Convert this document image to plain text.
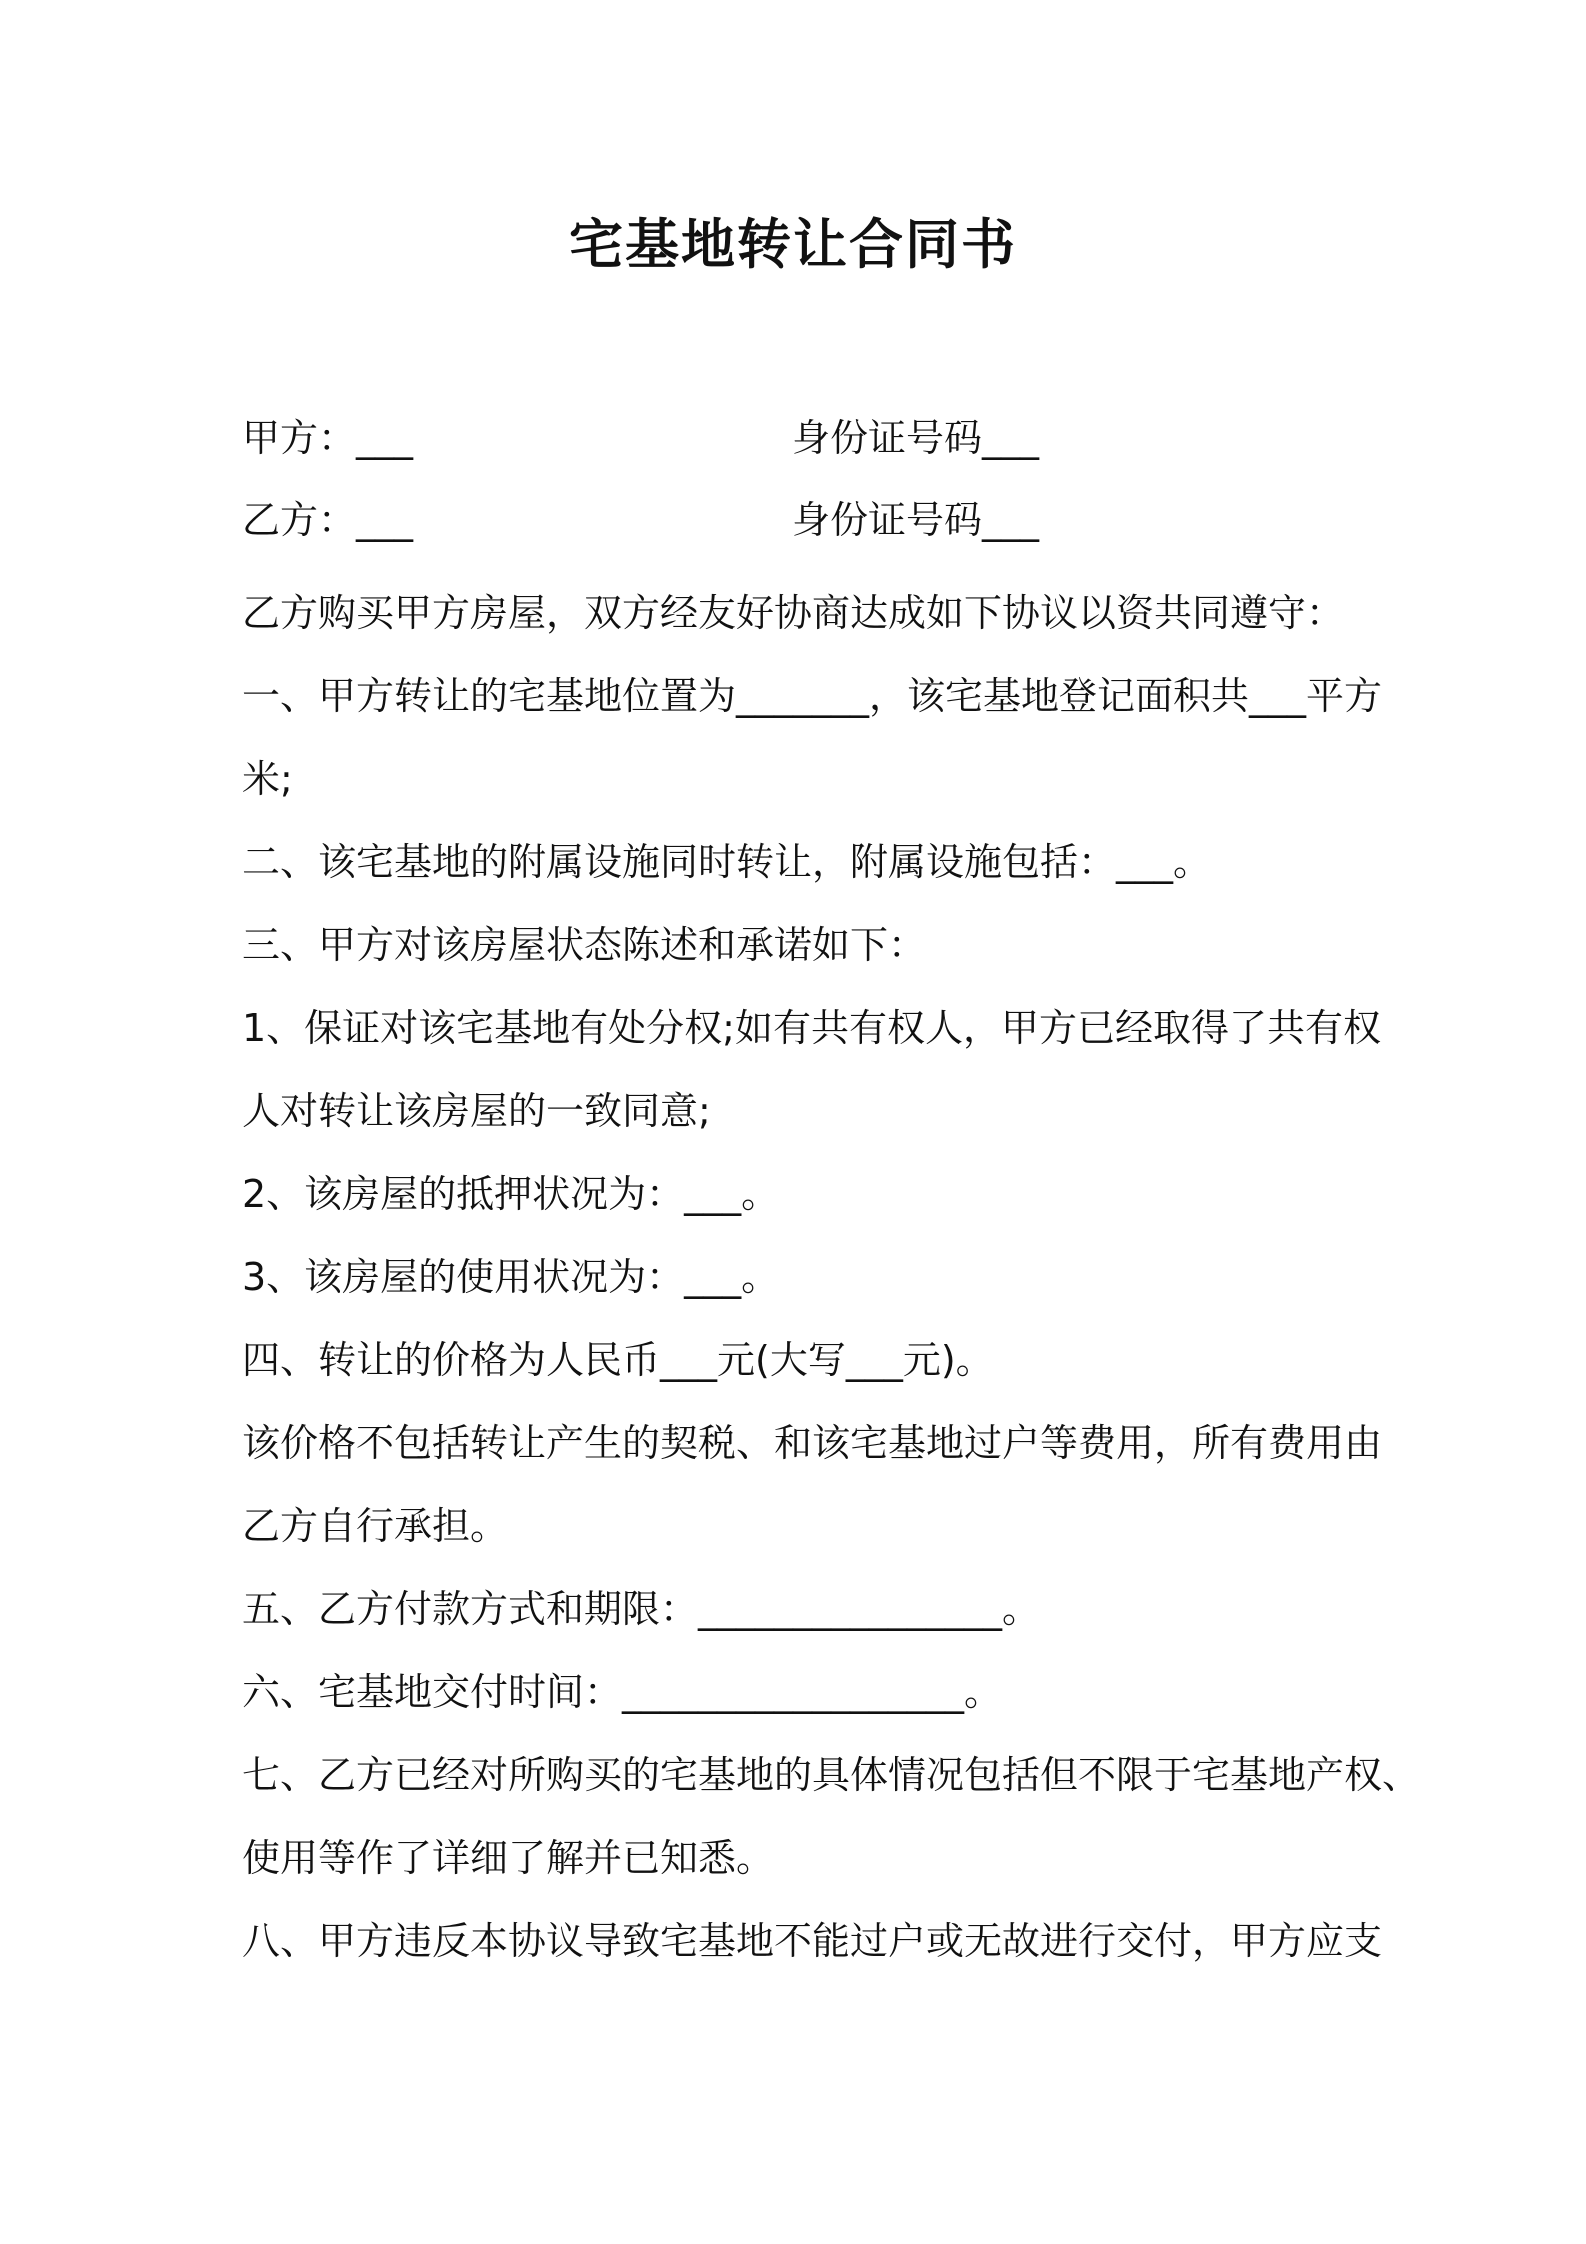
宅基地转让合同书
甲方：___	身份证号码___
乙方：___	身份证号码___

乙方购买甲方房屋，双方经友好协商达成如下协议以资共同遵守：

一、甲方转让的宅基地位置为_______，该宅基地登记面积共___平方

米;

二、该宅基地的附属设施同时转让，附属设施包括：___。

三、甲方对该房屋状态陈述和承诺如下：

1、保证对该宅基地有处分权;如有共有权人，甲方已经取得了共有权

人对转让该房屋的一致同意;

2、该房屋的抵押状况为：___。

3、该房屋的使用状况为：___。

四、转让的价格为人民币___元(大写___元)。

该价格不包括转让产生的契税、和该宅基地过户等费用，所有费用由

乙方自行承担。

五、乙方付款方式和期限：________________。

六、宅基地交付时间：__________________。

七、乙方已经对所购买的宅基地的具体情况包括但不限于宅基地产权、

使用等作了详细了解并已知悉。

八、甲方违反本协议导致宅基地不能过户或无故进行交付，甲方应支
